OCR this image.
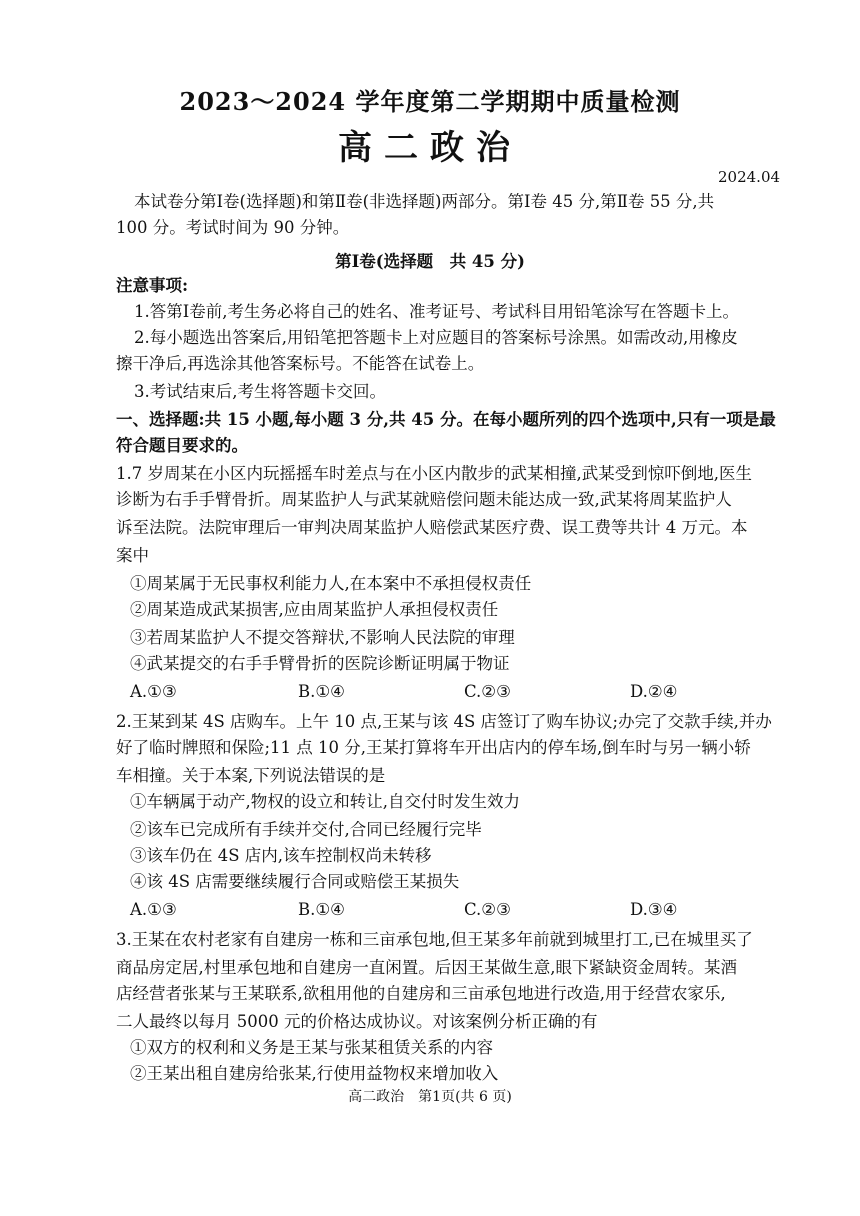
2023～2024 学年度第二学期期中质量检测
高二政治
2024.04
本试卷分第Ⅰ卷(选择题)和第Ⅱ卷(非选择题)两部分。第Ⅰ卷 45 分,第Ⅱ卷 55 分,共
100 分。考试时间为 90 分钟。
第Ⅰ卷(选择题　共 45 分)
注意事项:
1.答第Ⅰ卷前,考生务必将自己的姓名、准考证号、考试科目用铅笔涂写在答题卡上。
2.每小题选出答案后,用铅笔把答题卡上对应题目的答案标号涂黑。如需改动,用橡皮
擦干净后,再选涂其他答案标号。不能答在试卷上。
3.考试结束后,考生将答题卡交回。
一、选择题:共 15 小题,每小题 3 分,共 45 分。在每小题所列的四个选项中,只有一项是最
符合题目要求的。
1.7 岁周某在小区内玩摇摇车时差点与在小区内散步的武某相撞,武某受到惊吓倒地,医生
诊断为右手手臂骨折。周某监护人与武某就赔偿问题未能达成一致,武某将周某监护人
诉至法院。法院审理后一审判决周某监护人赔偿武某医疗费、误工费等共计 4 万元。本
案中
①周某属于无民事权利能力人,在本案中不承担侵权责任
②周某造成武某损害,应由周某监护人承担侵权责任
③若周某监护人不提交答辩状,不影响人民法院的审理
④武某提交的右手手臂骨折的医院诊断证明属于物证
A.①③	B.①④	C.②③	D.②④
2.王某到某 4S 店购车。上午 10 点,王某与该 4S 店签订了购车协议;办完了交款手续,并办
好了临时牌照和保险;11 点 10 分,王某打算将车开出店内的停车场,倒车时与另一辆小轿
车相撞。关于本案,下列说法错误的是
①车辆属于动产,物权的设立和转让,自交付时发生效力
②该车已完成所有手续并交付,合同已经履行完毕
③该车仍在 4S 店内,该车控制权尚未转移
④该 4S 店需要继续履行合同或赔偿王某损失
A.①③	B.①④	C.②③	D.③④
3.王某在农村老家有自建房一栋和三亩承包地,但王某多年前就到城里打工,已在城里买了
商品房定居,村里承包地和自建房一直闲置。后因王某做生意,眼下紧缺资金周转。某酒
店经营者张某与王某联系,欲租用他的自建房和三亩承包地进行改造,用于经营农家乐,
二人最终以每月 5000 元的价格达成协议。对该案例分析正确的有
①双方的权利和义务是王某与张某租赁关系的内容
②王某出租自建房给张某,行使用益物权来增加收入
高二政治　第1页(共 6 页)
